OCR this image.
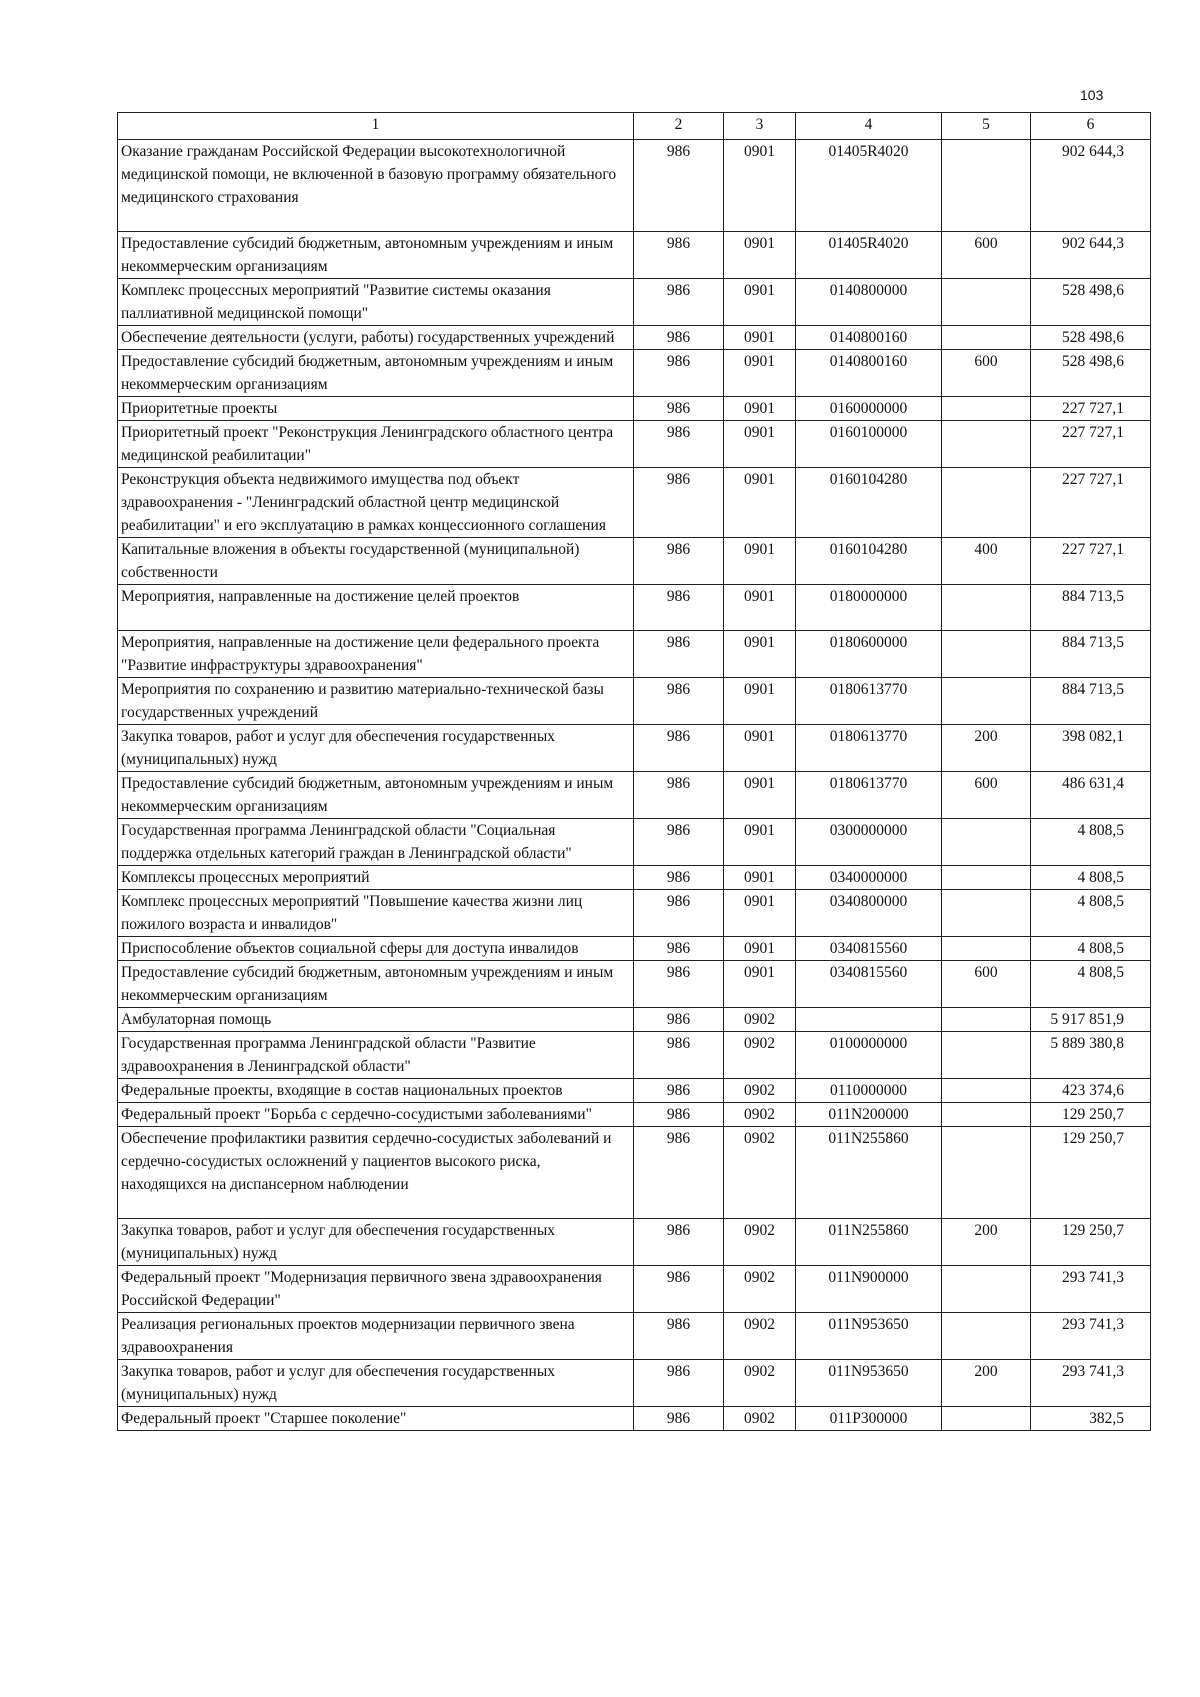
103
1	2	3	4	5	6
Оказание гражданам Российской Федерации высокотехнологичной медицинской помощи, не включенной в базовую программу обязательного медицинского страхования	986	0901	01405R4020		902 644,3
Предоставление субсидий бюджетным, автономным учреждениям и иным некоммерческим организациям	986	0901	01405R4020	600	902 644,3
Комплекс процессных мероприятий "Развитие системы оказания паллиативной медицинской помощи"	986	0901	0140800000		528 498,6
Обеспечение деятельности (услуги, работы) государственных учреждений	986	0901	0140800160		528 498,6
Предоставление субсидий бюджетным, автономным учреждениям и иным некоммерческим организациям	986	0901	0140800160	600	528 498,6
Приоритетные проекты	986	0901	0160000000		227 727,1
Приоритетный проект "Реконструкция Ленинградского областного центра медицинской реабилитации"	986	0901	0160100000		227 727,1
Реконструкция объекта недвижимого имущества под объект здравоохранения - "Ленинградский областной центр медицинской реабилитации" и его эксплуатацию в рамках концессионного соглашения	986	0901	0160104280		227 727,1
Капитальные вложения в объекты государственной (муниципальной) собственности	986	0901	0160104280	400	227 727,1
Мероприятия, направленные на достижение целей проектов	986	0901	0180000000		884 713,5
Мероприятия, направленные на достижение цели федерального проекта "Развитие инфраструктуры здравоохранения"	986	0901	0180600000		884 713,5
Мероприятия по сохранению и развитию материально-технической базы государственных учреждений	986	0901	0180613770		884 713,5
Закупка товаров, работ и услуг для обеспечения государственных (муниципальных) нужд	986	0901	0180613770	200	398 082,1
Предоставление субсидий бюджетным, автономным учреждениям и иным некоммерческим организациям	986	0901	0180613770	600	486 631,4
Государственная программа Ленинградской области "Социальная поддержка отдельных категорий граждан в Ленинградской области"	986	0901	0300000000		4 808,5
Комплексы процессных мероприятий	986	0901	0340000000		4 808,5
Комплекс процессных мероприятий "Повышение качества жизни лиц пожилого возраста и инвалидов"	986	0901	0340800000		4 808,5
Приспособление объектов социальной сферы для доступа инвалидов	986	0901	0340815560		4 808,5
Предоставление субсидий бюджетным, автономным учреждениям и иным некоммерческим организациям	986	0901	0340815560	600	4 808,5
Амбулаторная помощь	986	0902			5 917 851,9
Государственная программа Ленинградской области "Развитие здравоохранения в Ленинградской области"	986	0902	0100000000		5 889 380,8
Федеральные проекты, входящие в состав национальных проектов	986	0902	0110000000		423 374,6
Федеральный проект "Борьба с сердечно-сосудистыми заболеваниями"	986	0902	011N200000		129 250,7
Обеспечение профилактики развития сердечно-сосудистых заболеваний и сердечно-сосудистых осложнений у пациентов высокого риска, находящихся на диспансерном наблюдении	986	0902	011N255860		129 250,7
Закупка товаров, работ и услуг для обеспечения государственных (муниципальных) нужд	986	0902	011N255860	200	129 250,7
Федеральный проект "Модернизация первичного звена здравоохранения Российской Федерации"	986	0902	011N900000		293 741,3
Реализация региональных проектов модернизации первичного звена здравоохранения	986	0902	011N953650		293 741,3
Закупка товаров, работ и услуг для обеспечения государственных (муниципальных) нужд	986	0902	011N953650	200	293 741,3
Федеральный проект "Старшее поколение"	986	0902	011P300000		382,5
